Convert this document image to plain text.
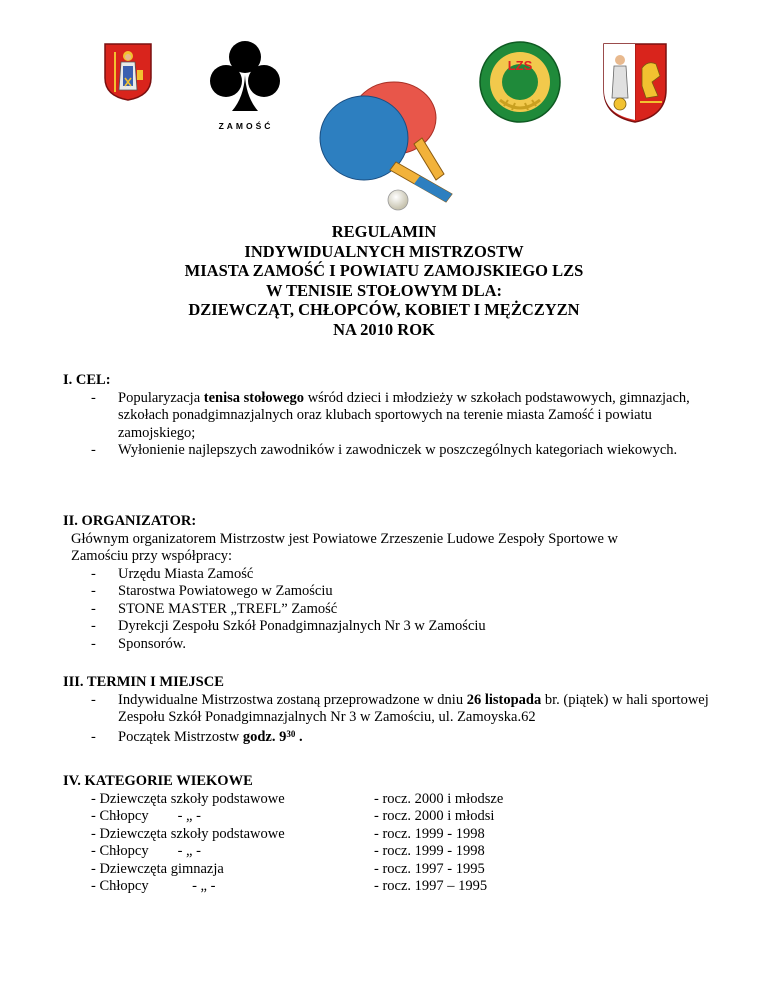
ZAMOŚĆ
LZS
REGULAMIN
INDYWIDUALNYCH MISTRZOSTW
MIASTA ZAMOŚĆ I POWIATU ZAMOJSKIEGO LZS
W TENISIE STOŁOWYM DLA:
DZIEWCZĄT, CHŁOPCÓW, KOBIET I MĘŻCZYZN
NA 2010 ROK
I. CEL:
- Popularyzacja tenisa stołowego wśród dzieci i młodzieży w szkołach podstawowych, gimnazjach, szkołach ponadgimnazjalnych oraz klubach sportowych na terenie miasta Zamość i powiatu zamojskiego;
- Wyłonienie najlepszych zawodników i zawodniczek w poszczególnych kategoriach wiekowych.
II. ORGANIZATOR:
Głównym organizatorem Mistrzostw jest Powiatowe Zrzeszenie Ludowe Zespoły Sportowe w Zamościu przy współpracy:
- Urzędu Miasta Zamość
- Starostwa Powiatowego w Zamościu
- STONE MASTER „TREFL” Zamość
- Dyrekcji Zespołu Szkół Ponadgimnazjalnych Nr 3 w Zamościu
- Sponsorów.
III. TERMIN I MIEJSCE
- Indywidualne Mistrzostwa zostaną przeprowadzone w dniu 26 listopada br. (piątek) w hali sportowej Zespołu Szkół Ponadgimnazjalnych Nr 3 w Zamościu, ul. Zamoyska.62
- Początek Mistrzostw godz. $9^{30}$ .
IV. KATEGORIE WIEKOWE
- Dziewczęta szkoły podstawowe	- rocz. 2000 i młodsze
- Chłopcy        - „ -	- rocz. 2000 i młodsi
- Dziewczęta szkoły podstawowe	- rocz. 1999 - 1998
- Chłopcy        - „ -	- rocz. 1999 - 1998
- Dziewczęta gimnazja	- rocz. 1997 - 1995
- Chłopcy            - „ -	- rocz. 1997 – 1995
